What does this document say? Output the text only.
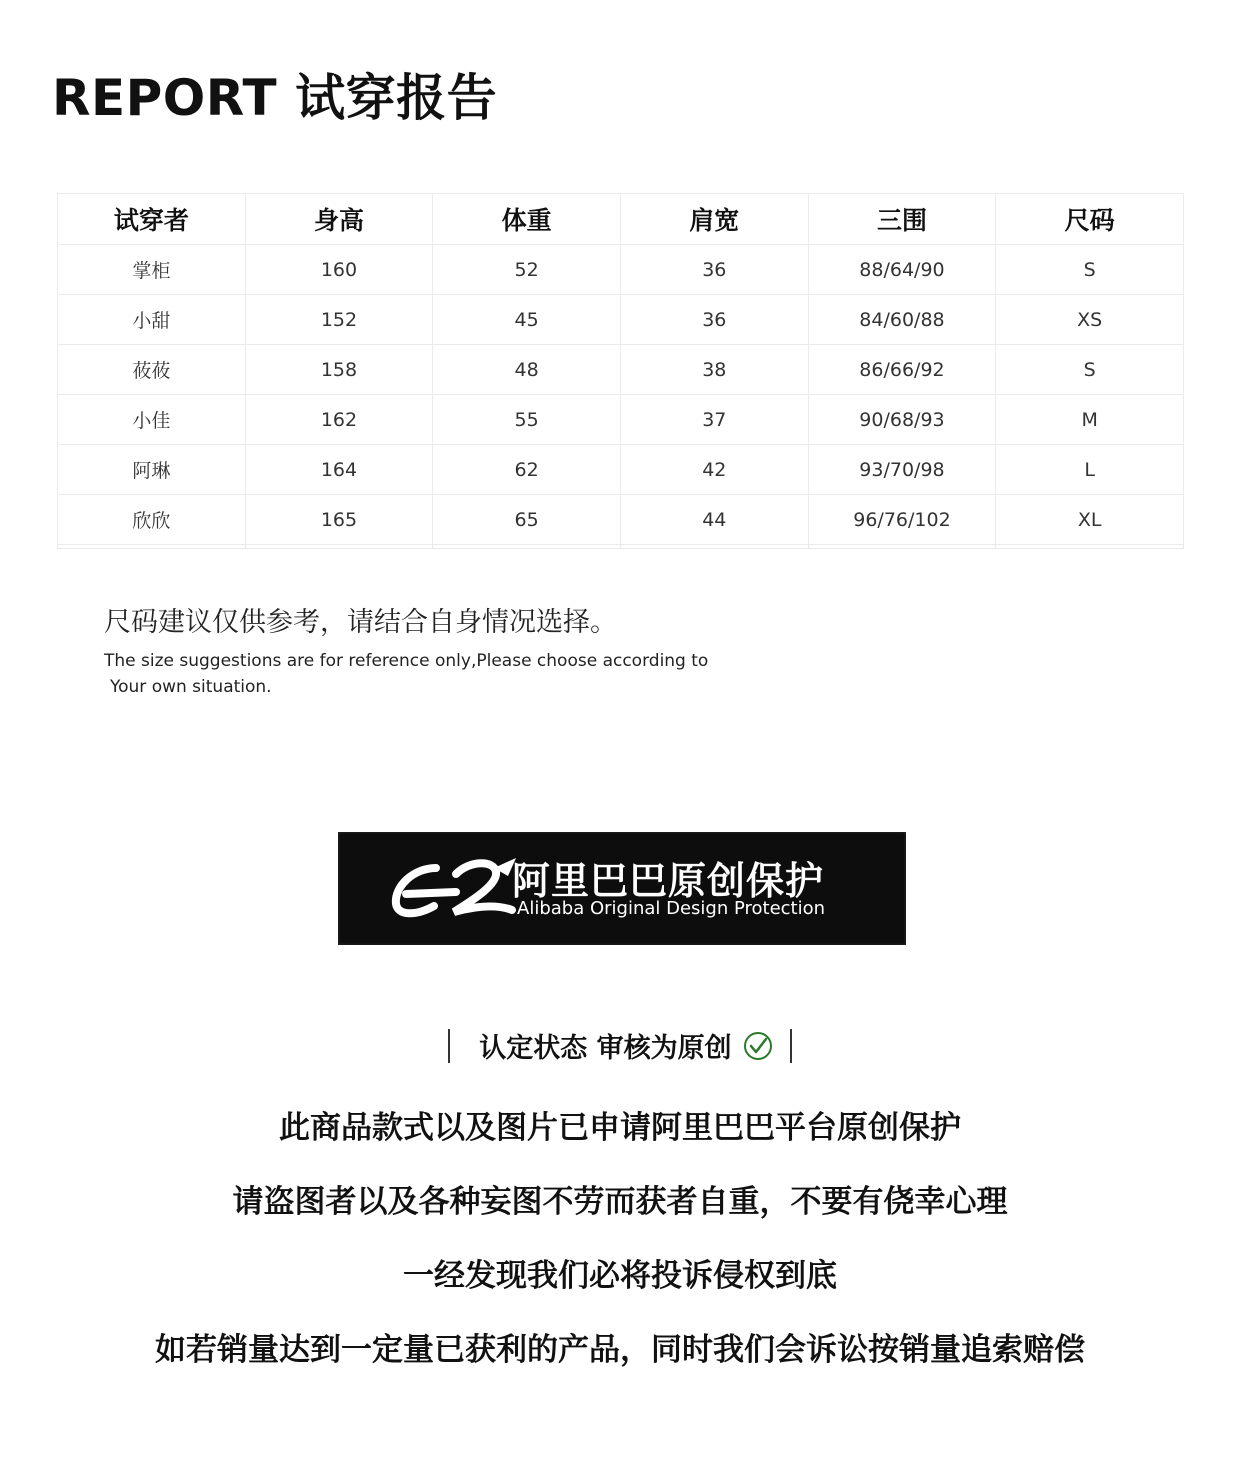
REPORT 试穿报告
试穿者	身高	体重	肩宽	三围	尺码
掌柜	160	52	36	88/64/90	S
小甜	152	45	36	84/60/88	XS
莜莜	158	48	38	86/66/92	S
小佳	162	55	37	90/68/93	M
阿琳	164	62	42	93/70/98	L
欣欣	165	65	44	96/76/102	XL

尺码建议仅供参考，请结合自身情况选择。
The size suggestions are for reference only,Please choose according to
Your own situation.
阿里巴巴原创保护
Alibaba Original Design Protection
认定状态 审核为原创
此商品款式以及图片已申请阿里巴巴平台原创保护
请盗图者以及各种妄图不劳而获者自重，不要有侥幸心理
一经发现我们必将投诉侵权到底
如若销量达到一定量已获利的产品，同时我们会诉讼按销量追索赔偿
